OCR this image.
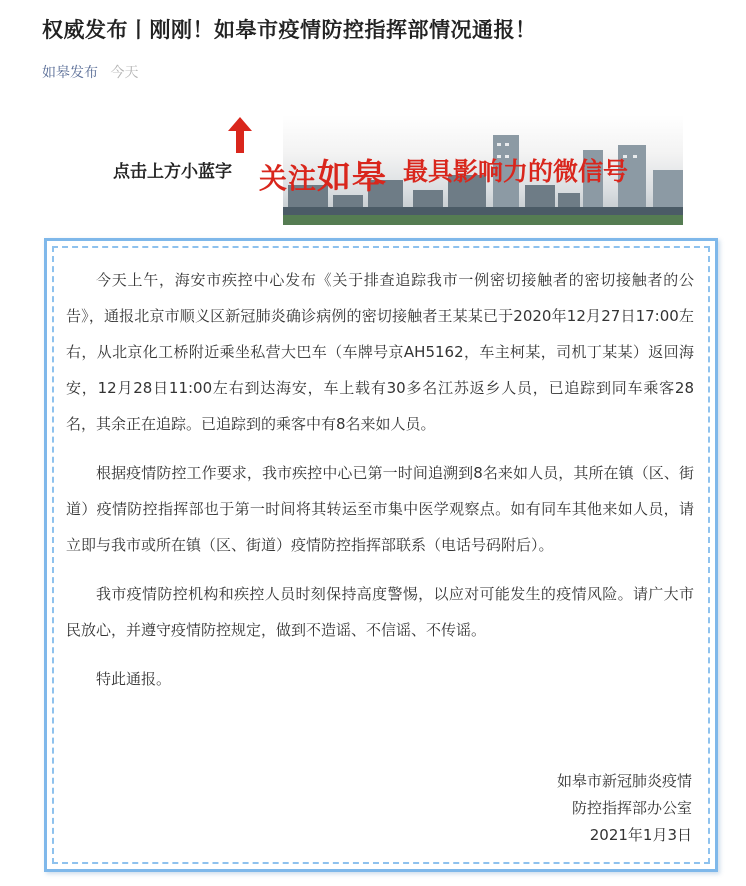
权威发布丨刚刚！如皋市疫情防控指挥部情况通报！
如皋发布 今天
点击上方小蓝字 关注如皋 最具影响力的微信号

今天上午，海安市疾控中心发布《关于排查追踪我市一例密切接触者的密切接触者的公告》，通报北京市顺义区新冠肺炎确诊病例的密切接触者王某某已于2020年12月27日17:00左右，从北京化工桥附近乘坐私营大巴车（车牌号京AH5162，车主柯某，司机丁某某）返回海安，12月28日11:00左右到达海安，车上载有30多名江苏返乡人员，已追踪到同车乘客28名，其余正在追踪。已追踪到的乘客中有8名来如人员。

根据疫情防控工作要求，我市疾控中心已第一时间追溯到8名来如人员，其所在镇（区、街道）疫情防控指挥部也于第一时间将其转运至市集中医学观察点。如有同车其他来如人员，请立即与我市或所在镇（区、街道）疫情防控指挥部联系（电话号码附后）。

我市疫情防控机构和疾控人员时刻保持高度警惕，以应对可能发生的疫情风险。请广大市民放心，并遵守疫情防控规定，做到不造谣、不信谣、不传谣。

特此通报。

如皋市新冠肺炎疫情
防控指挥部办公室
2021年1月3日
